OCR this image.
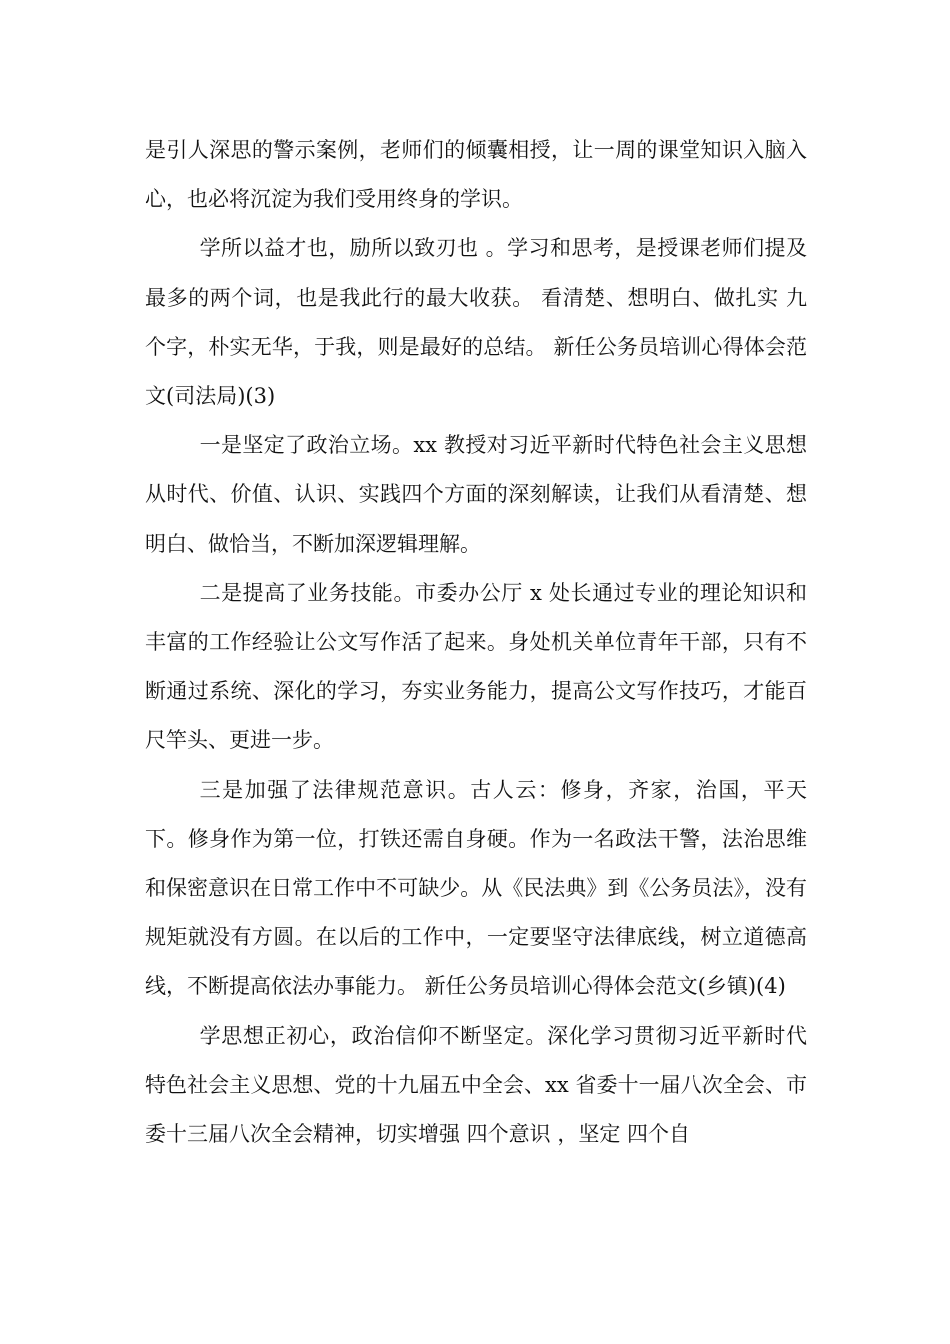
是引人深思的警示案例，老师们的倾囊相授，让一周的课堂知识入脑入心，也必将沉淀为我们受用终身的学识。

学所以益才也，励所以致刃也 。学习和思考，是授课老师们提及最多的两个词，也是我此行的最大收获。 看清楚、想明白、做扎实 九个字，朴实无华，于我，则是最好的总结。 新任公务员培训心得体会范文(司法局)(3)

一是坚定了政治立场。xx 教授对习近平新时代特色社会主义思想从时代、价值、认识、实践四个方面的深刻解读，让我们从看清楚、想明白、做恰当，不断加深逻辑理解。

二是提高了业务技能。市委办公厅 x 处长通过专业的理论知识和丰富的工作经验让公文写作活了起来。身处机关单位青年干部，只有不断通过系统、深化的学习，夯实业务能力，提高公文写作技巧，才能百尺竿头、更进一步。

三是加强了法律规范意识。古人云：修身，齐家，治国，平天下。修身作为第一位，打铁还需自身硬。作为一名政法干警，法治思维和保密意识在日常工作中不可缺少。从《民法典》到《公务员法》，没有规矩就没有方圆。在以后的工作中，一定要坚守法律底线，树立道德高线，不断提高依法办事能力。 新任公务员培训心得体会范文(乡镇)(4)

学思想正初心，政治信仰不断坚定。深化学习贯彻习近平新时代特色社会主义思想、党的十九届五中全会、xx 省委十一届八次全会、市委十三届八次全会精神，切实增强 四个意识 ，坚定 四个自
